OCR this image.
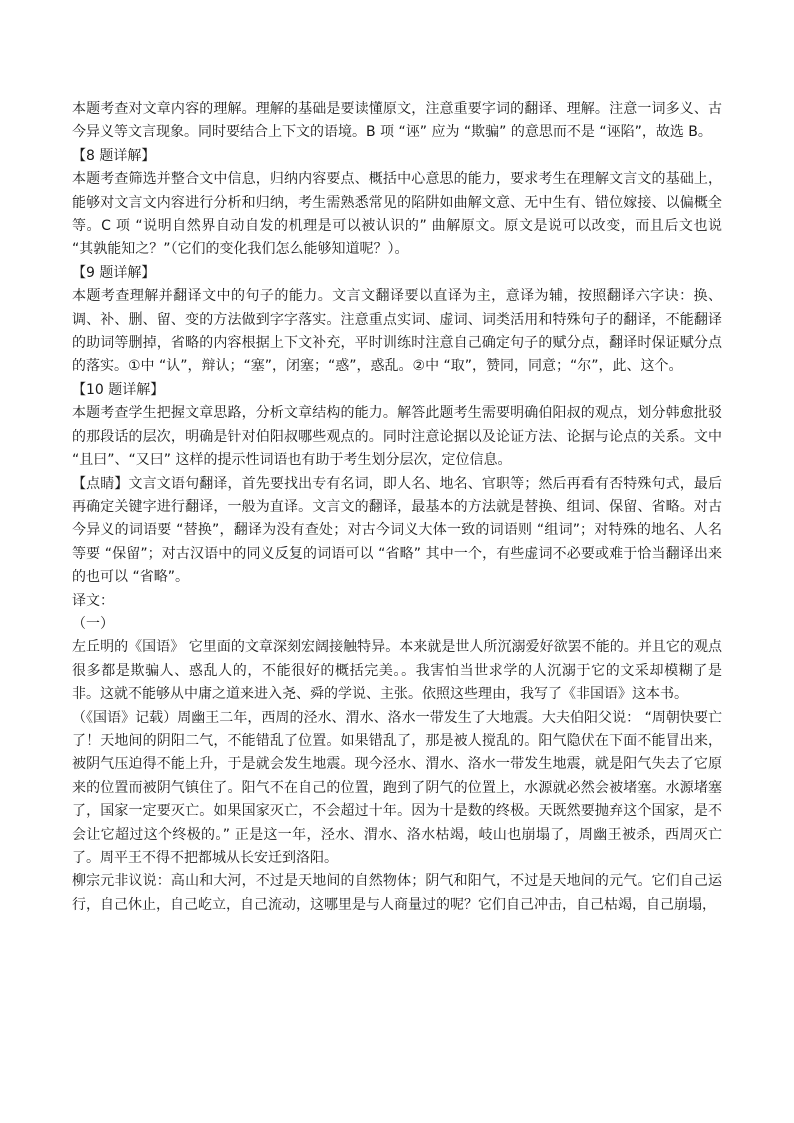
本题考查对文章内容的理解。理解的基础是要读懂原文，注意重要字词的翻译、理解。注意一词多义、古今异义等文言现象。同时要结合上下文的语境。B 项 “诬” 应为 “欺骗” 的意思而不是 “诬陷”，故选 B。

【8 题详解】

本题考查筛选并整合文中信息，归纳内容要点、概括中心意思的能力，要求考生在理解文言文的基础上，能够对文言文内容进行分析和归纳，考生需熟悉常见的陷阱如曲解文意、无中生有、错位嫁接、以偏概全等。C 项 “说明自然界自动自发的机理是可以被认识的” 曲解原文。原文是说可以改变，而且后文也说 “其孰能知之？”（它们的变化我们怎么能够知道呢？）。

【9 题详解】

本题考查理解并翻译文中的句子的能力。文言文翻译要以直译为主，意译为辅，按照翻译六字诀：换、调、补、删、留、变的方法做到字字落实。注意重点实词、虚词、词类活用和特殊句子的翻译，不能翻译的助词等删掉，省略的内容根据上下文补充，平时训练时注意自己确定句子的赋分点，翻译时保证赋分点的落实。①中 “认”，辩认；“塞”，闭塞；“惑”，惑乱。②中 “取”，赞同，同意；“尔”，此、这个。

【10 题详解】

本题考查学生把握文章思路，分析文章结构的能力。解答此题考生需要明确伯阳叔的观点，划分韩愈批驳的那段话的层次，明确是针对伯阳叔哪些观点的。同时注意论据以及论证方法、论据与论点的关系。文中 “且曰”、“又曰” 这样的提示性词语也有助于考生划分层次，定位信息。

【点睛】文言文语句翻译，首先要找出专有名词，即人名、地名、官职等；然后再看有否特殊句式，最后再确定关键字进行翻译，一般为直译。文言文的翻译，最基本的方法就是替换、组词、保留、省略。对古今异义的词语要 “替换”，翻译为没有查处；对古今词义大体一致的词语则 “组词”；对特殊的地名、人名等要 “保留”；对古汉语中的同义反复的词语可以 “省略” 其中一个，有些虚词不必要或难于恰当翻译出来的也可以 “省略”。

译文：

（一）

左丘明的《国语》 它里面的文章深刻宏阔接触特异。本来就是世人所沉溺爱好欲罢不能的。并且它的观点很多都是欺骗人、惑乱人的，不能很好的概括完美。。我害怕当世求学的人沉溺于它的文采却模糊了是非。这就不能够从中庸之道来进入尧、舜的学说、主张。依照这些理由，我写了《非国语》这本书。

（《国语》记载）周幽王二年，西周的泾水、渭水、洛水一带发生了大地震。大夫伯阳父说： “周朝快要亡了！天地间的阴阳二气，不能错乱了位置。如果错乱了，那是被人搅乱的。阳气隐伏在下面不能冒出来，被阴气压迫得不能上升，于是就会发生地震。现今泾水、渭水、洛水一带发生地震，就是阳气失去了它原来的位置而被阴气镇住了。阳气不在自己的位置，跑到了阴气的位置上，水源就必然会被堵塞。水源堵塞了，国家一定要灭亡。如果国家灭亡，不会超过十年。因为十是数的终极。天既然要抛弃这个国家，是不会让它超过这个终极的。” 正是这一年，泾水、渭水、洛水枯竭，岐山也崩塌了，周幽王被杀，西周灭亡了。周平王不得不把都城从长安迁到洛阳。

柳宗元非议说：高山和大河，不过是天地间的自然物体；阴气和阳气，不过是天地间的元气。它们自己运行，自己休止，自己屹立，自己流动，这哪里是与人商量过的呢？它们自己冲击，自己枯竭，自己崩塌，
